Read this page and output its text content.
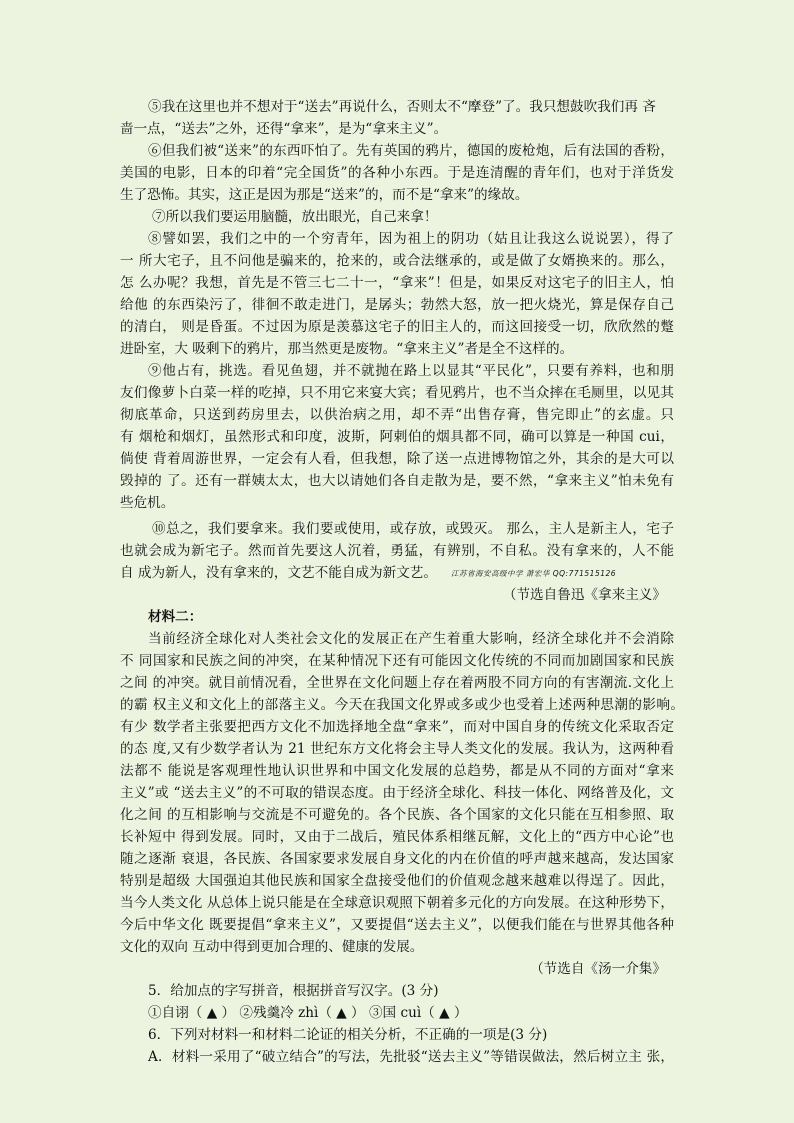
⑤我在这里也并不想对于“送去”再说什么，否则太不“摩登”了。我只想鼓吹我们再 吝
啬一点，“送去”之外，还得“拿来”，是为“拿来主义”。
⑥但我们被“送来”的东西吓怕了。先有英国的鸦片，德国的废枪炮，后有法国的香粉，
美国的电影，日本的印着“完全国货”的各种小东西。于是连清醒的青年们，也对于洋货发
生了恐怖。其实，这正是因为那是“送来”的，而不是“拿来”的缘故。
⑦所以我们要运用脑髓，放出眼光，自己来拿！
⑧譬如罢，我们之中的一个穷青年，因为祖上的阴功（姑且让我这么说说罢），得了
一 所大宅子，且不问他是骗来的，抢来的，或合法继承的，或是做了女婿换来的。那么，
怎 么办呢？我想，首先是不管三七二十一，“拿来”！但是，如果反对这宅子的旧主人，怕
给他 的东西染污了，徘徊不敢走进门，是孱头；勃然大怒，放一把火烧光，算是保存自己
的清白， 则是昏蛋。不过因为原是羡慕这宅子的旧主人的，而这回接受一切，欣欣然的蹩
进卧室，大 吸剩下的鸦片，那当然更是废物。“拿来主义”者是全不这样的。
⑨他占有，挑选。看见鱼翅，并不就抛在路上以显其“平民化”，只要有养料，也和朋
友们像萝卜白菜一样的吃掉，只不用它来宴大宾；看见鸦片，也不当众摔在毛厕里，以见其
彻底革命，只送到药房里去，以供治病之用，却不弄“出售存膏，售完即止”的玄虚。只
有 烟枪和烟灯，虽然形式和印度，波斯，阿剌伯的烟具都不同，确可以算是一种国 cui，
倘使 背着周游世界，一定会有人看，但我想，除了送一点进博物馆之外，其余的是大可以
毁掉的 了。还有一群姨太太，也大以请她们各自走散为是，要不然，“拿来主义”怕未免有
些危机。
⑩总之，我们要拿来。我们要或使用，或存放，或毁灭。 那么，主人是新主人，宅子
也就会成为新宅子。然而首先要这人沉着，勇猛，有辨别，不自私。没有拿来的，人不能
自 成为新人，没有拿来的，文艺不能自成为新文艺。 江苏省海安高级中学 萧宏华 QQ:771515126
（节选自鲁迅《拿来主义》
材料二：
当前经济全球化对人类社会文化的发展正在产生着重大影响，经济全球化并不会消除
不 同国家和民族之间的冲突，在某种情况下还有可能因文化传统的不同而加剧国家和民族
之间 的冲突。就目前情况看，全世界在文化问题上存在着两股不同方向的有害潮流.文化上
的霸 权主义和文化上的部落主义。今天在我国文化界或多或少也受着上述两种思潮的影响。
有少 数学者主张要把西方文化不加选择地全盘“拿来”，而对中国自身的传统文化采取否定
的态 度,又有少数学者认为 21 世纪东方文化将会主导人类文化的发展。我认为，这两种看
法都不 能说是客观理性地认识世界和中国文化发展的总趋势，都是从不同的方面对“拿来
主义”或 “送去主义”的不可取的错误态度。由于经济全球化、科技一体化、网络普及化，文
化之间 的互相影响与交流是不可避免的。各个民族、各个国家的文化只能在互相参照、取
长补短中 得到发展。同时，又由于二战后，殖民体系相继瓦解，文化上的“西方中心论”也
随之逐渐 衰退，各民族、各国家要求发展自身文化的内在价值的呼声越来越高，发达国家
特别是超级 大国强迫其他民族和国家全盘接受他们的价值观念越来越难以得逞了。因此，
当今人类文化 从总体上说只能是在全球意识观照下朝着多元化的方向发展。在这种形势下，
今后中华文化 既要提倡“拿来主义”，又要提倡“送去主义”，以便我们能在与世界其他各种
文化的双向 互动中得到更加合理的、健康的发展。
（节选自《汤一介集》
5．给加点的字写拼音，根据拼音写汉字。(3 分)
①自诩（ ▲ ） ②残羹冷 zhì（ ▲ ） ③国 cuì（ ▲ ）
6．下列对材料一和材料二论证的相关分析，不正确的一项是(3 分)
A．材料一采用了“破立结合”的写法，先批驳“送去主义”等错误做法，然后树立主 张，
